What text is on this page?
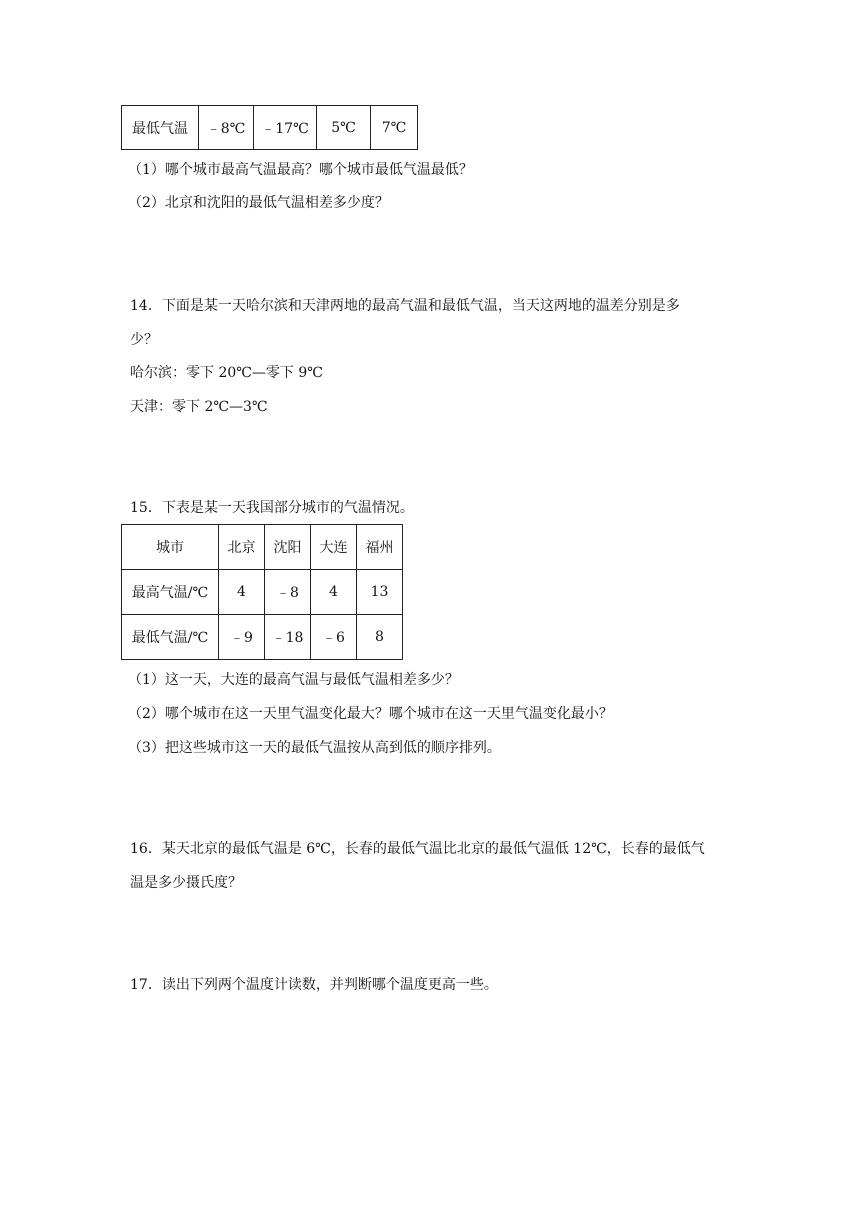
最低气温	﹣8℃	﹣17℃	5℃	7℃
（1）哪个城市最高气温最高？哪个城市最低气温最低？
（2）北京和沈阳的最低气温相差多少度？
14．下面是某一天哈尔滨和天津两地的最高气温和最低气温，当天这两地的温差分别是多
少？
哈尔滨：零下 20℃—零下 9℃
天津：零下 2℃—3℃
15．下表是某一天我国部分城市的气温情况。
城市	北京	沈阳	大连	福州
最高气温/℃	4	﹣8	4	13
最低气温/℃	﹣9	﹣18	﹣6	8
（1）这一天，大连的最高气温与最低气温相差多少？
（2）哪个城市在这一天里气温变化最大？哪个城市在这一天里气温变化最小？
（3）把这些城市这一天的最低气温按从高到低的顺序排列。
16．某天北京的最低气温是 6℃，长春的最低气温比北京的最低气温低 12℃，长春的最低气
温是多少摄氏度？
17．读出下列两个温度计读数，并判断哪个温度更高一些。
